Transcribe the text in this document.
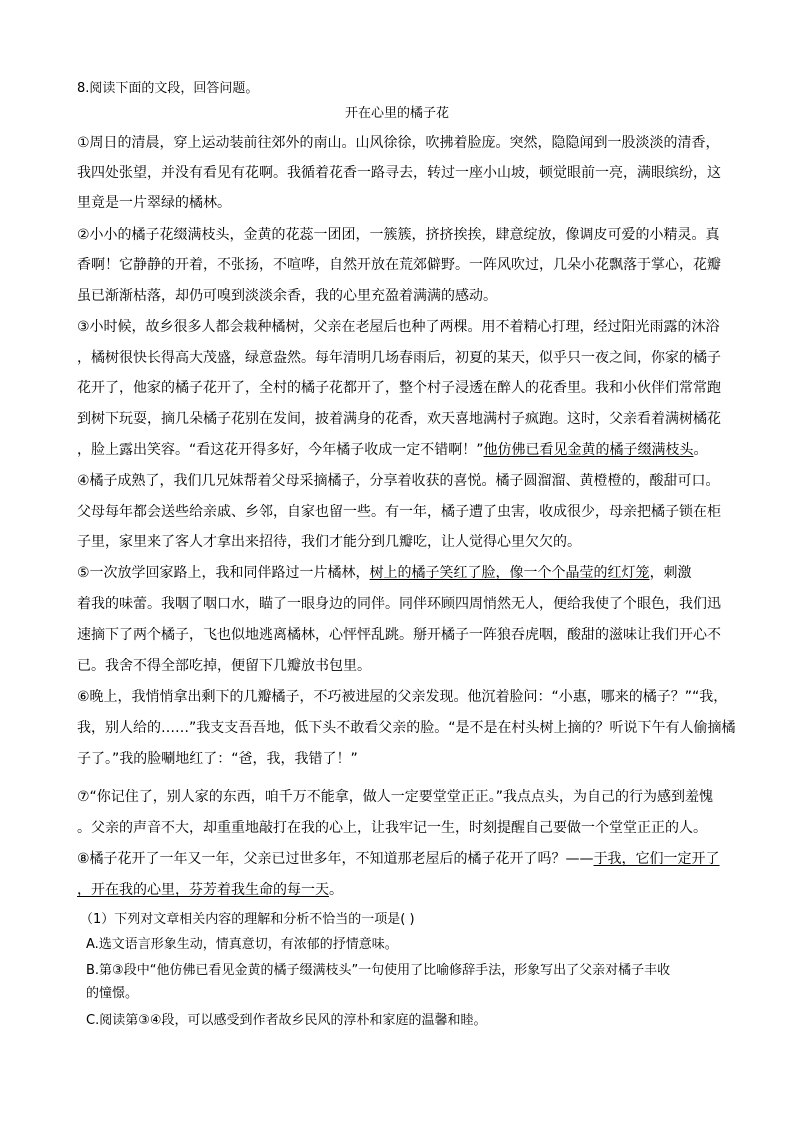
8.阅读下面的文段，回答问题。
开在心里的橘子花
①周日的清晨，穿上运动装前往郊外的南山。山风徐徐，吹拂着脸庞。突然，隐隐闻到一股淡淡的清香，
我四处张望，并没有看见有花啊。我循着花香一路寻去，转过一座小山坡，顿觉眼前一亮，满眼缤纷，这
里竟是一片翠绿的橘林。
②小小的橘子花缀满枝头，金黄的花蕊一团团，一簇簇，挤挤挨挨，肆意绽放，像调皮可爱的小精灵。真
香啊！它静静的开着，不张扬，不喧哗，自然开放在荒郊僻野。一阵风吹过，几朵小花飘落于掌心，花瓣
虽已渐渐枯落，却仍可嗅到淡淡余香，我的心里充盈着满满的感动。
③小时候，故乡很多人都会栽种橘树，父亲在老屋后也种了两棵。用不着精心打理，经过阳光雨露的沐浴
，橘树很快长得高大茂盛，绿意盎然。每年清明几场春雨后，初夏的某天，似乎只一夜之间，你家的橘子
花开了，他家的橘子花开了，全村的橘子花都开了，整个村子浸透在醉人的花香里。我和小伙伴们常常跑
到树下玩耍，摘几朵橘子花别在发间，披着满身的花香，欢天喜地满村子疯跑。这时，父亲看着满树橘花
，脸上露出笑容。“看这花开得多好，今年橘子收成一定不错啊！”他仿佛已看见金黄的橘子缀满枝头。
④橘子成熟了，我们几兄妹帮着父母采摘橘子，分享着收获的喜悦。橘子圆溜溜、黄橙橙的，酸甜可口。
父母每年都会送些给亲戚、乡邻，自家也留一些。有一年，橘子遭了虫害，收成很少，母亲把橘子锁在柜
子里，家里来了客人才拿出来招待，我们才能分到几瓣吃，让人觉得心里欠欠的。
⑤一次放学回家路上，我和同伴路过一片橘林，树上的橘子笑红了脸，像一个个晶莹的红灯笼，刺激
着我的味蕾。我咽了咽口水，瞄了一眼身边的同伴。同伴环顾四周悄然无人，便给我使了个眼色，我们迅
速摘下了两个橘子，飞也似地逃离橘林，心怦怦乱跳。掰开橘子一阵狼吞虎咽，酸甜的滋味让我们开心不
已。我舍不得全部吃掉，便留下几瓣放书包里。
⑥晚上，我悄悄拿出剩下的几瓣橘子，不巧被进屋的父亲发现。他沉着脸问：“小惠，哪来的橘子？”“我，
我，别人给的……”我支支吾吾地，低下头不敢看父亲的脸。“是不是在村头树上摘的？听说下午有人偷摘橘
子了。”我的脸唰地红了：“爸，我，我错了！”
⑦“你记住了，别人家的东西，咱千万不能拿，做人一定要堂堂正正。”我点点头，为自己的行为感到羞愧
。父亲的声音不大，却重重地敲打在我的心上，让我牢记一生，时刻提醒自己要做一个堂堂正正的人。
⑧橘子花开了一年又一年，父亲已过世多年，不知道那老屋后的橘子花开了吗？——于我，它们一定开了
，开在我的心里，芬芳着我生命的每一天。
（1）下列对文章相关内容的理解和分析不恰当的一项是( )
A.选文语言形象生动，情真意切，有浓郁的抒情意味。
B.第③段中“他仿佛已看见金黄的橘子缀满枝头”一句使用了比喻修辞手法，形象写出了父亲对橘子丰收
的憧憬。
C.阅读第③④段，可以感受到作者故乡民风的淳朴和家庭的温馨和睦。
